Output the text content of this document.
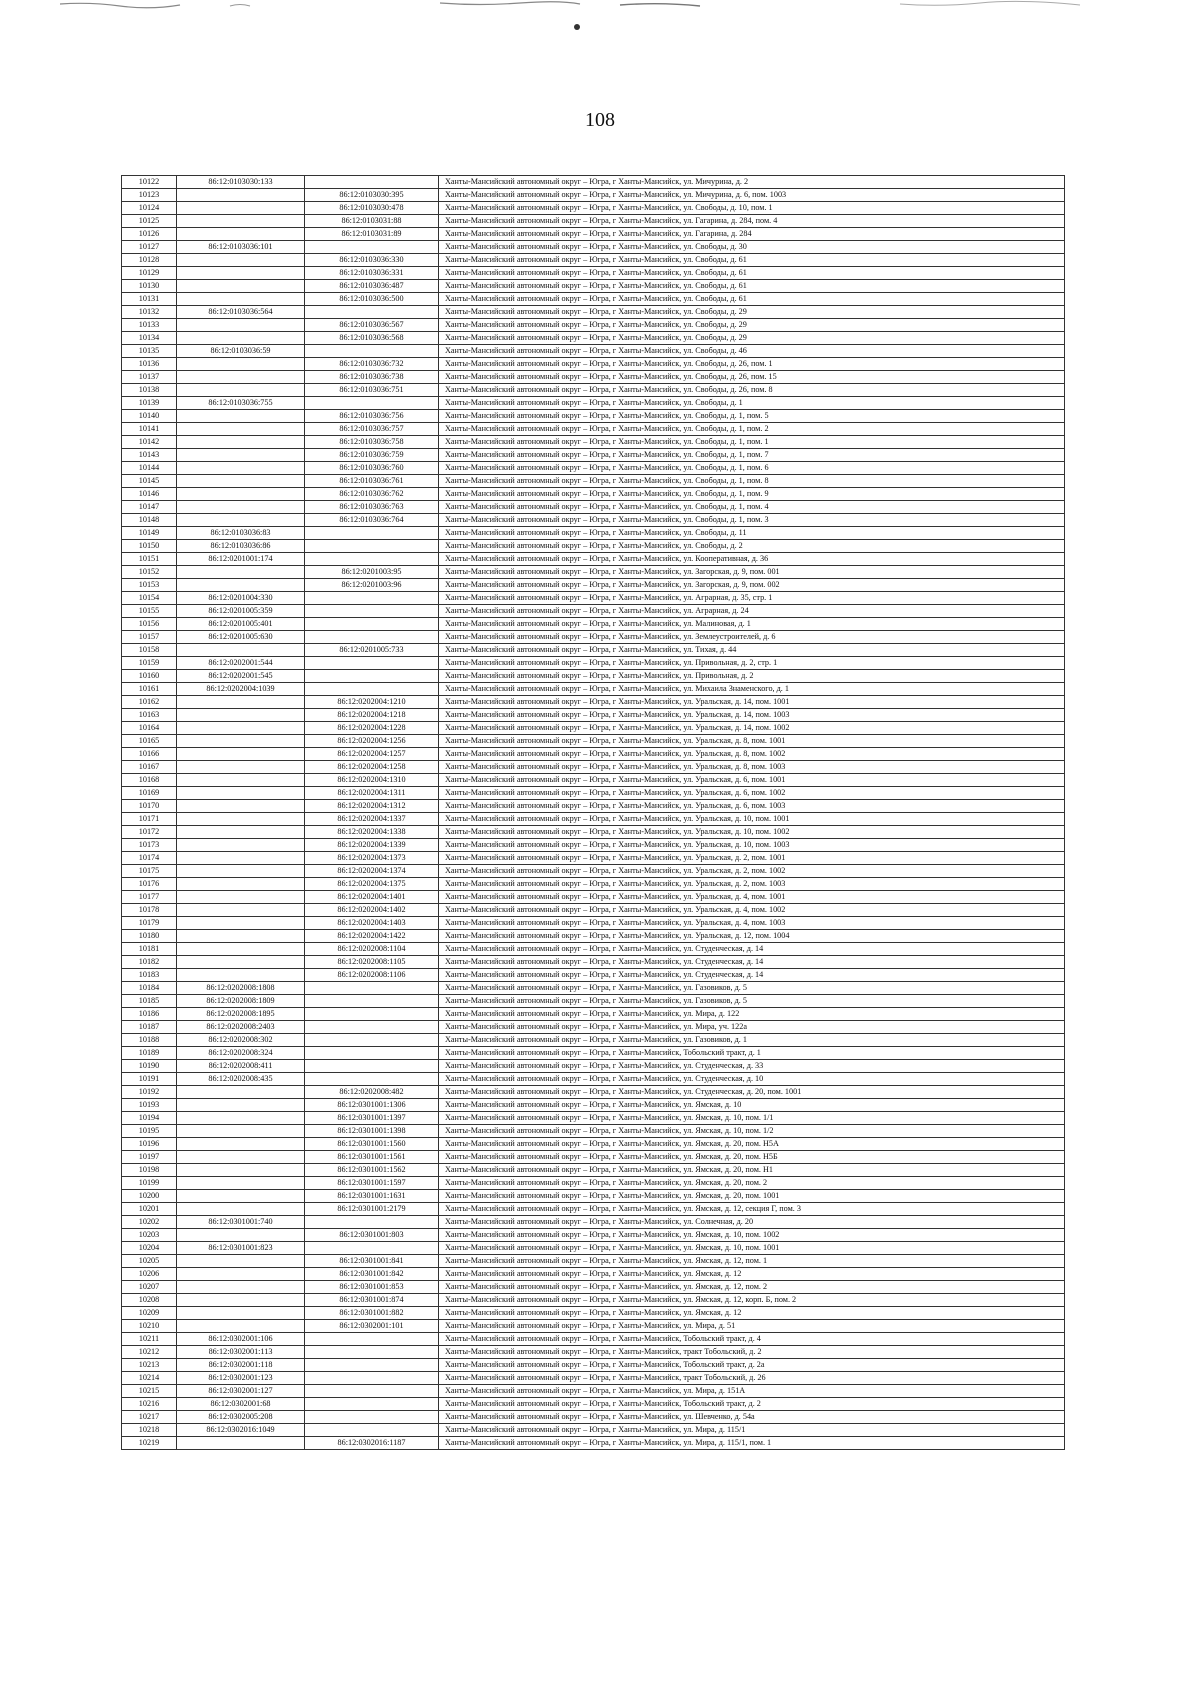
108
10122	86:12:0103030:133		Ханты-Мансийский автономный округ – Югра, г Ханты-Мансийск, ул. Мичурина, д. 2
10123		86:12:0103030:395	Ханты-Мансийский автономный округ – Югра, г Ханты-Мансийск, ул. Мичурина, д. 6, пом. 1003
10124		86:12:0103030:478	Ханты-Мансийский автономный округ – Югра, г Ханты-Мансийск, ул. Свободы, д. 10, пом. 1
10125		86:12:0103031:88	Ханты-Мансийский автономный округ – Югра, г Ханты-Мансийск, ул. Гагарина, д. 284, пом. 4
10126		86:12:0103031:89	Ханты-Мансийский автономный округ – Югра, г Ханты-Мансийск, ул. Гагарина, д. 284
10127	86:12:0103036:101		Ханты-Мансийский автономный округ – Югра, г Ханты-Мансийск, ул. Свободы, д. 30
10128		86:12:0103036:330	Ханты-Мансийский автономный округ – Югра, г Ханты-Мансийск, ул. Свободы, д. 61
10129		86:12:0103036:331	Ханты-Мансийский автономный округ – Югра, г Ханты-Мансийск, ул. Свободы, д. 61
10130		86:12:0103036:487	Ханты-Мансийский автономный округ – Югра, г Ханты-Мансийск, ул. Свободы, д. 61
10131		86:12:0103036:500	Ханты-Мансийский автономный округ – Югра, г Ханты-Мансийск, ул. Свободы, д. 61
10132	86:12:0103036:564		Ханты-Мансийский автономный округ – Югра, г Ханты-Мансийск, ул. Свободы, д. 29
10133		86:12:0103036:567	Ханты-Мансийский автономный округ – Югра, г Ханты-Мансийск, ул. Свободы, д. 29
10134		86:12:0103036:568	Ханты-Мансийский автономный округ – Югра, г Ханты-Мансийск, ул. Свободы, д. 29
10135	86:12:0103036:59		Ханты-Мансийский автономный округ – Югра, г Ханты-Мансийск, ул. Свободы, д. 46
10136		86:12:0103036:732	Ханты-Мансийский автономный округ – Югра, г Ханты-Мансийск, ул. Свободы, д. 26, пом. 1
10137		86:12:0103036:738	Ханты-Мансийский автономный округ – Югра, г Ханты-Мансийск, ул. Свободы, д. 26, пом. 15
10138		86:12:0103036:751	Ханты-Мансийский автономный округ – Югра, г Ханты-Мансийск, ул. Свободы, д. 26, пом. 8
10139	86:12:0103036:755		Ханты-Мансийский автономный округ – Югра, г Ханты-Мансийск, ул. Свободы, д. 1
10140		86:12:0103036:756	Ханты-Мансийский автономный округ – Югра, г Ханты-Мансийск, ул. Свободы, д. 1, пом. 5
10141		86:12:0103036:757	Ханты-Мансийский автономный округ – Югра, г Ханты-Мансийск, ул. Свободы, д. 1, пом. 2
10142		86:12:0103036:758	Ханты-Мансийский автономный округ – Югра, г Ханты-Мансийск, ул. Свободы, д. 1, пом. 1
10143		86:12:0103036:759	Ханты-Мансийский автономный округ – Югра, г Ханты-Мансийск, ул. Свободы, д. 1, пом. 7
10144		86:12:0103036:760	Ханты-Мансийский автономный округ – Югра, г Ханты-Мансийск, ул. Свободы, д. 1, пом. 6
10145		86:12:0103036:761	Ханты-Мансийский автономный округ – Югра, г Ханты-Мансийск, ул. Свободы, д. 1, пом. 8
10146		86:12:0103036:762	Ханты-Мансийский автономный округ – Югра, г Ханты-Мансийск, ул. Свободы, д. 1, пом. 9
10147		86:12:0103036:763	Ханты-Мансийский автономный округ – Югра, г Ханты-Мансийск, ул. Свободы, д. 1, пом. 4
10148		86:12:0103036:764	Ханты-Мансийский автономный округ – Югра, г Ханты-Мансийск, ул. Свободы, д. 1, пом. 3
10149	86:12:0103036:83		Ханты-Мансийский автономный округ – Югра, г Ханты-Мансийск, ул. Свободы, д. 11
10150	86:12:0103036:86		Ханты-Мансийский автономный округ – Югра, г Ханты-Мансийск, ул. Свободы, д. 2
10151	86:12:0201001:174		Ханты-Мансийский автономный округ – Югра, г Ханты-Мансийск, ул. Кооперативная, д. 36
10152		86:12:0201003:95	Ханты-Мансийский автономный округ – Югра, г Ханты-Мансийск, ул. Загорская, д. 9, пом. 001
10153		86:12:0201003:96	Ханты-Мансийский автономный округ – Югра, г Ханты-Мансийск, ул. Загорская, д. 9, пом. 002
10154	86:12:0201004:330		Ханты-Мансийский автономный округ – Югра, г Ханты-Мансийск, ул. Аграрная, д. 35, стр. 1
10155	86:12:0201005:359		Ханты-Мансийский автономный округ – Югра, г Ханты-Мансийск, ул. Аграрная, д. 24
10156	86:12:0201005:401		Ханты-Мансийский автономный округ – Югра, г Ханты-Мансийск, ул. Малиновая, д. 1
10157	86:12:0201005:630		Ханты-Мансийский автономный округ – Югра, г Ханты-Мансийск, ул. Землеустроителей, д. 6
10158		86:12:0201005:733	Ханты-Мансийский автономный округ – Югра, г Ханты-Мансийск, ул. Тихая, д. 44
10159	86:12:0202001:544		Ханты-Мансийский автономный округ – Югра, г Ханты-Мансийск, ул. Привольная, д. 2, стр. 1
10160	86:12:0202001:545		Ханты-Мансийский автономный округ – Югра, г Ханты-Мансийск, ул. Привольная, д. 2
10161	86:12:0202004:1039		Ханты-Мансийский автономный округ – Югра, г Ханты-Мансийск, ул. Михаила Знаменского, д. 1
10162		86:12:0202004:1210	Ханты-Мансийский автономный округ – Югра, г Ханты-Мансийск, ул. Уральская, д. 14, пом. 1001
10163		86:12:0202004:1218	Ханты-Мансийский автономный округ – Югра, г Ханты-Мансийск, ул. Уральская, д. 14, пом. 1003
10164		86:12:0202004:1228	Ханты-Мансийский автономный округ – Югра, г Ханты-Мансийск, ул. Уральская, д. 14, пом. 1002
10165		86:12:0202004:1256	Ханты-Мансийский автономный округ – Югра, г Ханты-Мансийск, ул. Уральская, д. 8, пом. 1001
10166		86:12:0202004:1257	Ханты-Мансийский автономный округ – Югра, г Ханты-Мансийск, ул. Уральская, д. 8, пом. 1002
10167		86:12:0202004:1258	Ханты-Мансийский автономный округ – Югра, г Ханты-Мансийск, ул. Уральская, д. 8, пом. 1003
10168		86:12:0202004:1310	Ханты-Мансийский автономный округ – Югра, г Ханты-Мансийск, ул. Уральская, д. 6, пом. 1001
10169		86:12:0202004:1311	Ханты-Мансийский автономный округ – Югра, г Ханты-Мансийск, ул. Уральская, д. 6, пом. 1002
10170		86:12:0202004:1312	Ханты-Мансийский автономный округ – Югра, г Ханты-Мансийск, ул. Уральская, д. 6, пом. 1003
10171		86:12:0202004:1337	Ханты-Мансийский автономный округ – Югра, г Ханты-Мансийск, ул. Уральская, д. 10, пом. 1001
10172		86:12:0202004:1338	Ханты-Мансийский автономный округ – Югра, г Ханты-Мансийск, ул. Уральская, д. 10, пом. 1002
10173		86:12:0202004:1339	Ханты-Мансийский автономный округ – Югра, г Ханты-Мансийск, ул. Уральская, д. 10, пом. 1003
10174		86:12:0202004:1373	Ханты-Мансийский автономный округ – Югра, г Ханты-Мансийск, ул. Уральская, д. 2, пом. 1001
10175		86:12:0202004:1374	Ханты-Мансийский автономный округ – Югра, г Ханты-Мансийск, ул. Уральская, д. 2, пом. 1002
10176		86:12:0202004:1375	Ханты-Мансийский автономный округ – Югра, г Ханты-Мансийск, ул. Уральская, д. 2, пом. 1003
10177		86:12:0202004:1401	Ханты-Мансийский автономный округ – Югра, г Ханты-Мансийск, ул. Уральская, д. 4, пом. 1001
10178		86:12:0202004:1402	Ханты-Мансийский автономный округ – Югра, г Ханты-Мансийск, ул. Уральская, д. 4, пом. 1002
10179		86:12:0202004:1403	Ханты-Мансийский автономный округ – Югра, г Ханты-Мансийск, ул. Уральская, д. 4, пом. 1003
10180		86:12:0202004:1422	Ханты-Мансийский автономный округ – Югра, г Ханты-Мансийск, ул. Уральская, д. 12, пом. 1004
10181		86:12:0202008:1104	Ханты-Мансийский автономный округ – Югра, г Ханты-Мансийск, ул. Студенческая, д. 14
10182		86:12:0202008:1105	Ханты-Мансийский автономный округ – Югра, г Ханты-Мансийск, ул. Студенческая, д. 14
10183		86:12:0202008:1106	Ханты-Мансийский автономный округ – Югра, г Ханты-Мансийск, ул. Студенческая, д. 14
10184	86:12:0202008:1808		Ханты-Мансийский автономный округ – Югра, г Ханты-Мансийск, ул. Газовиков, д. 5
10185	86:12:0202008:1809		Ханты-Мансийский автономный округ – Югра, г Ханты-Мансийск, ул. Газовиков, д. 5
10186	86:12:0202008:1895		Ханты-Мансийский автономный округ – Югра, г Ханты-Мансийск, ул. Мира, д. 122
10187	86:12:0202008:2403		Ханты-Мансийский автономный округ – Югра, г Ханты-Мансийск, ул. Мира, уч. 122а
10188	86:12:0202008:302		Ханты-Мансийский автономный округ – Югра, г Ханты-Мансийск, ул. Газовиков, д. 1
10189	86:12:0202008:324		Ханты-Мансийский автономный округ – Югра, г Ханты-Мансийск, Тобольский тракт, д. 1
10190	86:12:0202008:411		Ханты-Мансийский автономный округ – Югра, г Ханты-Мансийск, ул. Студенческая, д. 33
10191	86:12:0202008:435		Ханты-Мансийский автономный округ – Югра, г Ханты-Мансийск, ул. Студенческая, д. 10
10192		86:12:0202008:482	Ханты-Мансийский автономный округ – Югра, г Ханты-Мансийск, ул. Студенческая, д. 20, пом. 1001
10193		86:12:0301001:1306	Ханты-Мансийский автономный округ – Югра, г Ханты-Мансийск, ул. Ямская, д. 10
10194		86:12:0301001:1397	Ханты-Мансийский автономный округ – Югра, г Ханты-Мансийск, ул. Ямская, д. 10, пом. 1/1
10195		86:12:0301001:1398	Ханты-Мансийский автономный округ – Югра, г Ханты-Мансийск, ул. Ямская, д. 10, пом. 1/2
10196		86:12:0301001:1560	Ханты-Мансийский автономный округ – Югра, г Ханты-Мансийск, ул. Ямская, д. 20, пом. Н5А
10197		86:12:0301001:1561	Ханты-Мансийский автономный округ – Югра, г Ханты-Мансийск, ул. Ямская, д. 20, пом. Н5Б
10198		86:12:0301001:1562	Ханты-Мансийский автономный округ – Югра, г Ханты-Мансийск, ул. Ямская, д. 20, пом. Н1
10199		86:12:0301001:1597	Ханты-Мансийский автономный округ – Югра, г Ханты-Мансийск, ул. Ямская, д. 20, пом. 2
10200		86:12:0301001:1631	Ханты-Мансийский автономный округ – Югра, г Ханты-Мансийск, ул. Ямская, д. 20, пом. 1001
10201		86:12:0301001:2179	Ханты-Мансийский автономный округ – Югра, г Ханты-Мансийск, ул. Ямская, д. 12, секция Г, пом. 3
10202	86:12:0301001:740		Ханты-Мансийский автономный округ – Югра, г Ханты-Мансийск, ул. Солнечная, д. 20
10203		86:12:0301001:803	Ханты-Мансийский автономный округ – Югра, г Ханты-Мансийск, ул. Ямская, д. 10, пом. 1002
10204	86:12:0301001:823		Ханты-Мансийский автономный округ – Югра, г Ханты-Мансийск, ул. Ямская, д. 10, пом. 1001
10205		86:12:0301001:841	Ханты-Мансийский автономный округ – Югра, г Ханты-Мансийск, ул. Ямская, д. 12, пом. 1
10206		86:12:0301001:842	Ханты-Мансийский автономный округ – Югра, г Ханты-Мансийск, ул. Ямская, д. 12
10207		86:12:0301001:853	Ханты-Мансийский автономный округ – Югра, г Ханты-Мансийск, ул. Ямская, д. 12, пом. 2
10208		86:12:0301001:874	Ханты-Мансийский автономный округ – Югра, г Ханты-Мансийск, ул. Ямская, д. 12, корп. Б, пом. 2
10209		86:12:0301001:882	Ханты-Мансийский автономный округ – Югра, г Ханты-Мансийск, ул. Ямская, д. 12
10210		86:12:0302001:101	Ханты-Мансийский автономный округ – Югра, г Ханты-Мансийск, ул. Мира, д. 51
10211	86:12:0302001:106		Ханты-Мансийский автономный округ – Югра, г Ханты-Мансийск, Тобольский тракт, д. 4
10212	86:12:0302001:113		Ханты-Мансийский автономный округ – Югра, г Ханты-Мансийск, тракт Тобольский, д. 2
10213	86:12:0302001:118		Ханты-Мансийский автономный округ – Югра, г Ханты-Мансийск, Тобольский тракт, д. 2а
10214	86:12:0302001:123		Ханты-Мансийский автономный округ – Югра, г Ханты-Мансийск, тракт Тобольский, д. 26
10215	86:12:0302001:127		Ханты-Мансийский автономный округ – Югра, г Ханты-Мансийск, ул. Мира, д. 151А
10216	86:12:0302001:68		Ханты-Мансийский автономный округ – Югра, г Ханты-Мансийск, Тобольский тракт, д. 2
10217	86:12:0302005:208		Ханты-Мансийский автономный округ – Югра, г Ханты-Мансийск, ул. Шевченко, д. 54а
10218	86:12:0302016:1049		Ханты-Мансийский автономный округ – Югра, г Ханты-Мансийск, ул. Мира, д. 115/1
10219		86:12:0302016:1187	Ханты-Мансийский автономный округ – Югра, г Ханты-Мансийск, ул. Мира, д. 115/1, пом. 1
